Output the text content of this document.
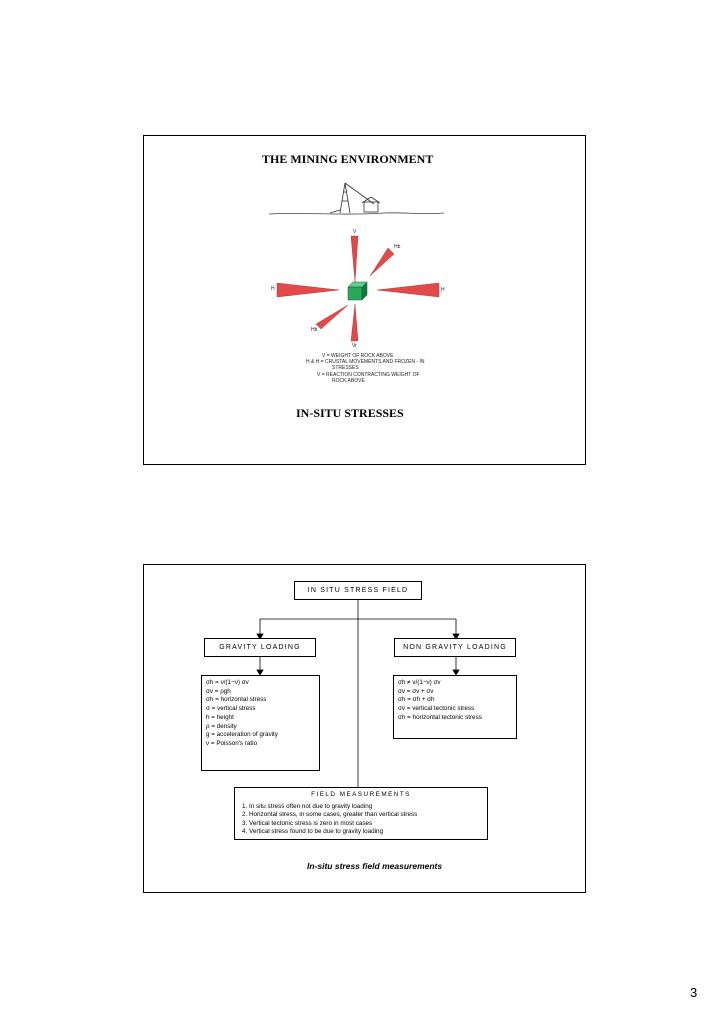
THE MINING ENVIRONMENT
V
Hb
H	H
Hb
Vr
V = WEIGHT OF ROCK ABOVE
H & H = CRUSTAL MOVEMENTS AND FROZEN - IN
STRESSES
V = REACTION CONTRACTING WEIGHT OF
ROCK ABOVE
IN-SITU STRESSES
IN SITU STRESS FIELD
GRAVITY LOADING	NON GRAVITY LOADING
σh = ν/(1−ν) σv
σv = ρgh
σh = horizontal stress
σ = vertical stress
h = height
ρ = density
g = acceleration of gravity
ν = Poisson's ratio
σh ≠ ν/(1−ν) σv
σv = σv + σv
σh = σh + σh
σv = vertical tectonic stress
σh = horizontal tectonic stress
FIELD MEASUREMENTS
1. In situ stress often not due to gravity loading
2. Horizontal stress, in some cases, greater than vertical stress
3. Vertical tectonic stress is zero in most cases
4. Vertical stress found to be due to gravity loading
In-situ stress field measurements
3
